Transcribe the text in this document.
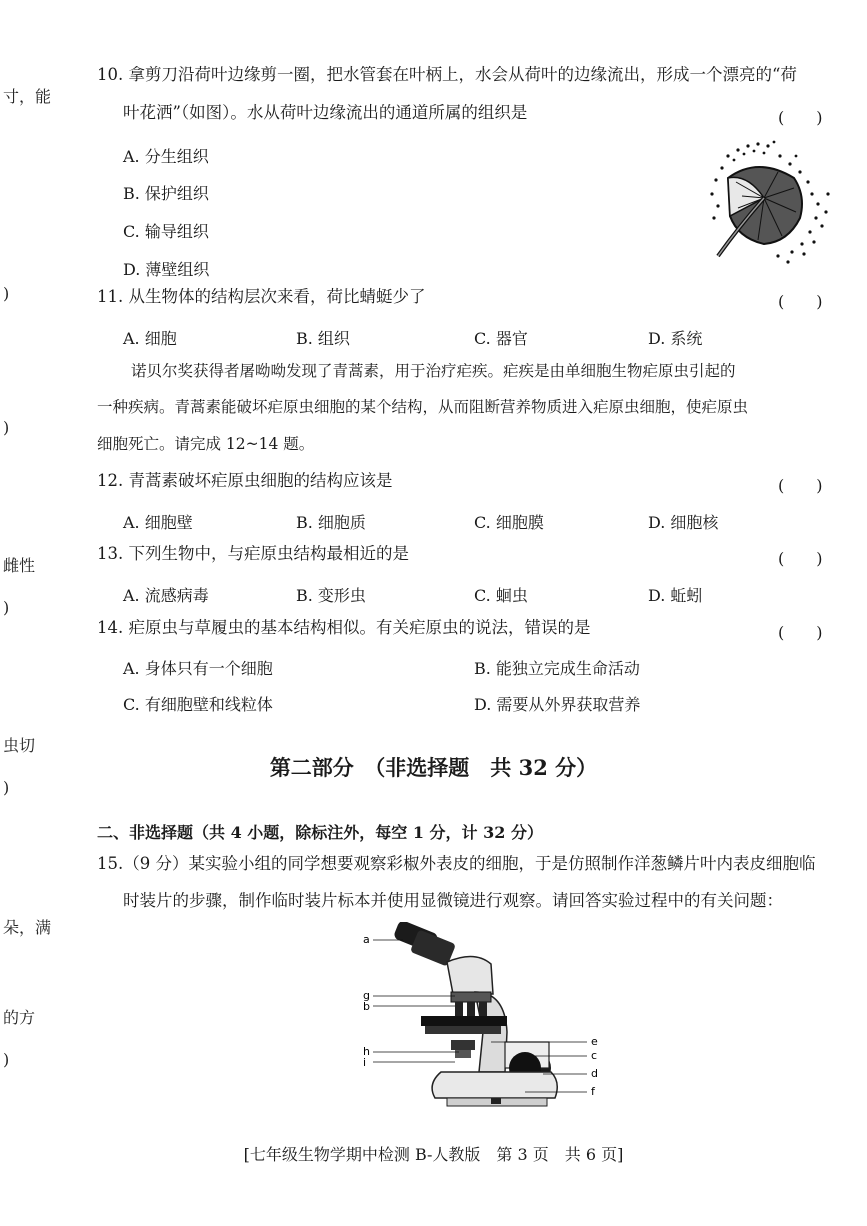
寸，能
)
)
雌性
)
虫切
)
朵，满
的方
)
10. 拿剪刀沿荷叶边缘剪一圈，把水管套在叶柄上，水会从荷叶的边缘流出，形成一个漂亮的“荷
叶花洒”（如图）。水从荷叶边缘流出的通道所属的组织是	(　　)
A. 分生组织
B. 保护组织
C. 输导组织
D. 薄壁组织
11. 从生物体的结构层次来看，荷比蜻蜓少了	(　　)
A. 细胞	B. 组织	C. 器官	D. 系统
诺贝尔奖获得者屠呦呦发现了青蒿素，用于治疗疟疾。疟疾是由单细胞生物疟原虫引起的
一种疾病。青蒿素能破坏疟原虫细胞的某个结构，从而阻断营养物质进入疟原虫细胞，使疟原虫
细胞死亡。请完成 12~14 题。
12. 青蒿素破坏疟原虫细胞的结构应该是	(　　)
A. 细胞壁	B. 细胞质	C. 细胞膜	D. 细胞核
13. 下列生物中，与疟原虫结构最相近的是	(　　)
A. 流感病毒	B. 变形虫	C. 蛔虫	D. 蚯蚓
14. 疟原虫与草履虫的基本结构相似。有关疟原虫的说法，错误的是	(　　)
A. 身体只有一个细胞	B. 能独立完成生命活动
C. 有细胞壁和线粒体	D. 需要从外界获取营养
第二部分　（非选择题　共 32 分）
二、非选择题（共 4 小题，除标注外，每空 1 分，计 32 分）
15.（9 分）某实验小组的同学想要观察彩椒外表皮的细胞，于是仿照制作洋葱鳞片叶内表皮细胞临
时装片的步骤，制作临时装片标本并使用显微镜进行观察。请回答实验过程中的有关问题：
a
g
b
h
i
e
c
d
f
[七年级生物学期中检测 B-人教版　第 3 页　共 6 页]
